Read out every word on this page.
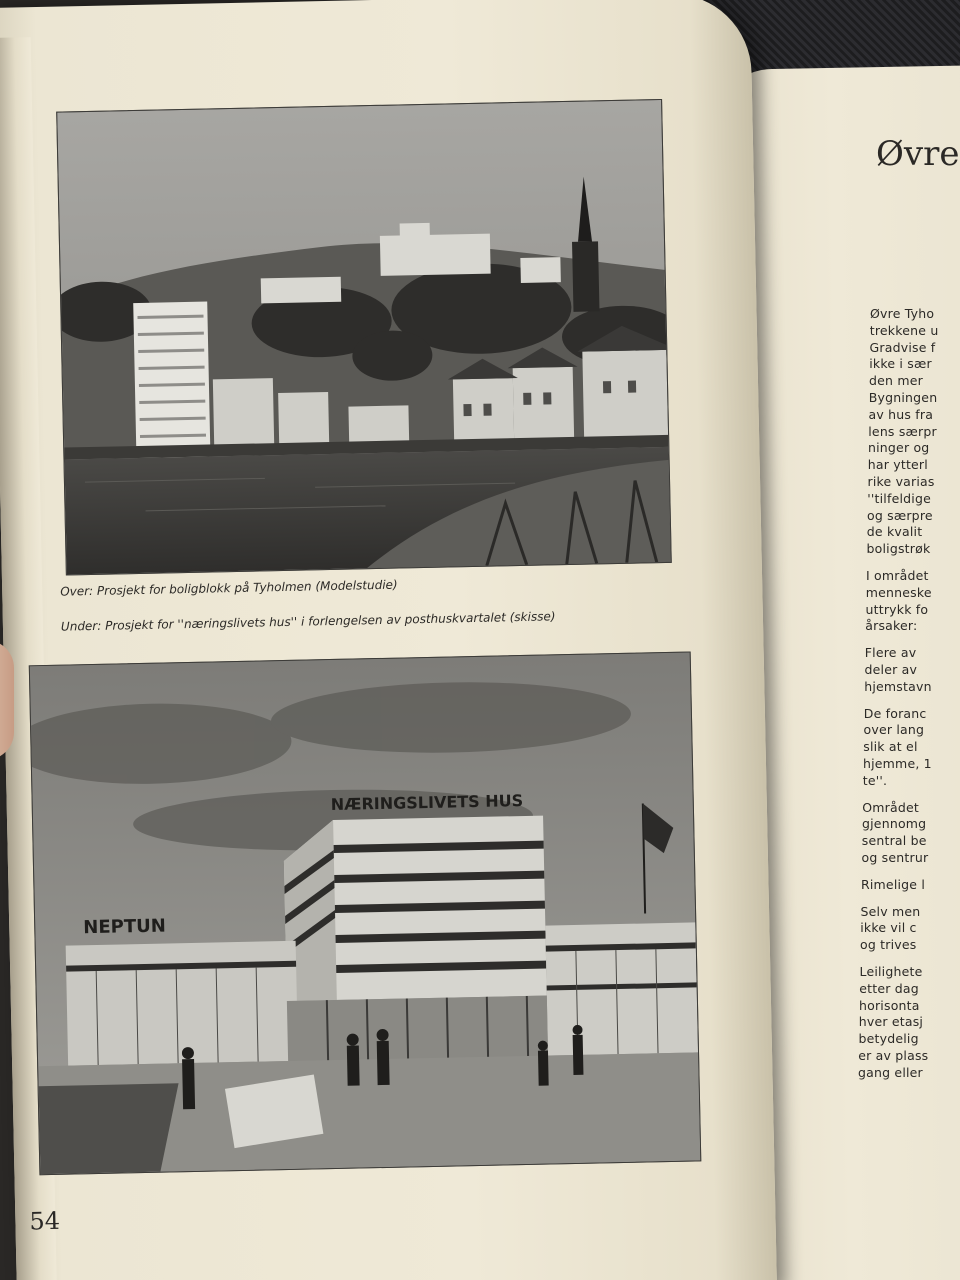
Over: Prosjekt for boligblokk på Tyholmen (Modelstudie)
Under: Prosjekt for ''næringslivets hus'' i forlengelsen av posthuskvartalet (skisse)
NÆRINGSLIVETS HUS
NEPTUN
54
Øvre
Øvre Tyho
trekkene u
Gradvise f
ikke i sær
den mer
Bygningen
av hus fra
lens særpr
ninger og
har ytterl
rike varias
''tilfeldige
og særpre
de kvalit
boligstrøk
I området
menneske
uttrykk fo
årsaker:
Flere av
deler av
hjemstavn
De foranc
over lang
slik at el
hjemme, 1
te''.
Området
gjennomg
sentral be
og sentrur
Rimelige l
Selv men
ikke vil c
og trives
Leilighete
etter dag
horisonta
hver etasj
betydelig
er av plass
gang eller
